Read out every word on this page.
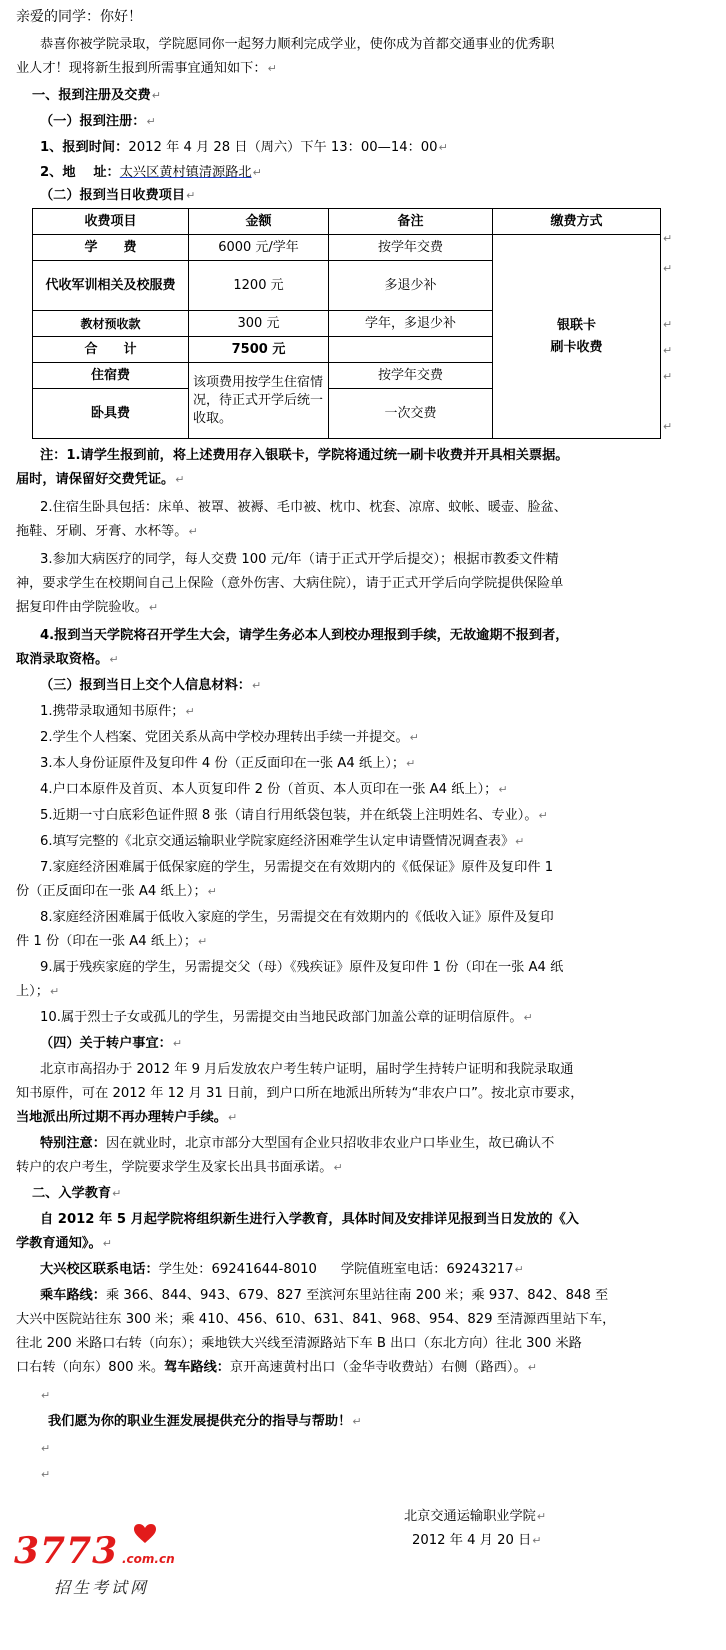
亲爱的同学：你好！
恭喜你被学院录取，学院愿同你一起努力顺利完成学业，使你成为首都交通事业的优秀职
业人才！现将新生报到所需事宜通知如下：↵
一、报到注册及交费↵
（一）报到注册：↵
1、报到时间：2012 年 4 月 28 日（周六）下午 13：00—14：00↵
2、地　 址：太兴区黄村镇清源路北↵
（二）报到当日收费项目↵
收费项目	金额	备注	缴费方式
学　　费	6000 元/学年	按学年交费	银联卡
刷卡收费
代收军训相关及校服费	1200 元	多退少补	
教材预收款	300 元	学年，多退少补	
合　　计	7500 元		
住宿费	该项费用按学生住宿情况，待正式开学后统一收取。	按学年交费	
卧具费		一次交费	
↵
↵
↵
↵
↵
↵
注：1.请学生报到前，将上述费用存入银联卡，学院将通过统一刷卡收费并开具相关票据。
届时，请保留好交费凭证。↵
2.住宿生卧具包括：床单、被罩、被褥、毛巾被、枕巾、枕套、凉席、蚊帐、暖壶、脸盆、
拖鞋、牙刷、牙膏、水杯等。↵
3.参加大病医疗的同学，每人交费 100 元/年（请于正式开学后提交）；根据市教委文件精
神，要求学生在校期间自己上保险（意外伤害、大病住院），请于正式开学后向学院提供保险单
据复印件由学院验收。↵
4.报到当天学院将召开学生大会，请学生务必本人到校办理报到手续，无故逾期不报到者，
取消录取资格。↵
（三）报到当日上交个人信息材料：↵
1.携带录取通知书原件；↵
2.学生个人档案、党团关系从高中学校办理转出手续一并提交。↵
3.本人身份证原件及复印件 4 份（正反面印在一张 A4 纸上）；↵
4.户口本原件及首页、本人页复印件 2 份（首页、本人页印在一张 A4 纸上）；↵
5.近期一寸白底彩色证件照 8 张（请自行用纸袋包装，并在纸袋上注明姓名、专业）。↵
6.填写完整的《北京交通运输职业学院家庭经济困难学生认定申请暨情况调查表》↵
7.家庭经济困难属于低保家庭的学生，另需提交在有效期内的《低保证》原件及复印件 1
份（正反面印在一张 A4 纸上）；↵
8.家庭经济困难属于低收入家庭的学生，另需提交在有效期内的《低收入证》原件及复印
件 1 份（印在一张 A4 纸上）；↵
9.属于残疾家庭的学生，另需提交父（母）《残疾证》原件及复印件 1 份（印在一张 A4 纸
上）；↵
10.属于烈士子女或孤儿的学生，另需提交由当地民政部门加盖公章的证明信原件。↵
（四）关于转户事宜：↵
北京市高招办于 2012 年 9 月后发放农户考生转户证明，届时学生持转户证明和我院录取通
知书原件，可在 2012 年 12 月 31 日前，到户口所在地派出所转为“非农户口”。按北京市要求，
当地派出所过期不再办理转户手续。↵
特别注意：因在就业时，北京市部分大型国有企业只招收非农业户口毕业生，故已确认不
转户的农户考生，学院要求学生及家长出具书面承诺。↵
二、入学教育↵
自 2012 年 5 月起学院将组织新生进行入学教育，具体时间及安排详见报到当日发放的《入
学教育通知》。↵
大兴校区联系电话：学生处：69241644-8010 学院值班室电话：69243217↵
乘车路线：乘 366、844、943、679、827 至滨河东里站往南 200 米；乘 937、842、848 至
大兴中医院站往东 300 米；乘 410、456、610、631、841、968、954、829 至清源西里站下车，
往北 200 米路口右转（向东）；乘地铁大兴线至清源路站下车 B 出口（东北方向）往北 300 米路
口右转（向东）800 米。驾车路线：京开高速黄村出口（金华寺收费站）右侧（路西）。↵
↵
我们愿为你的职业生涯发展提供充分的指导与帮助！↵
↵
↵
北京交通运输职业学院↵
2012 年 4 月 20 日↵
3773 .com.cn
招生考试网
